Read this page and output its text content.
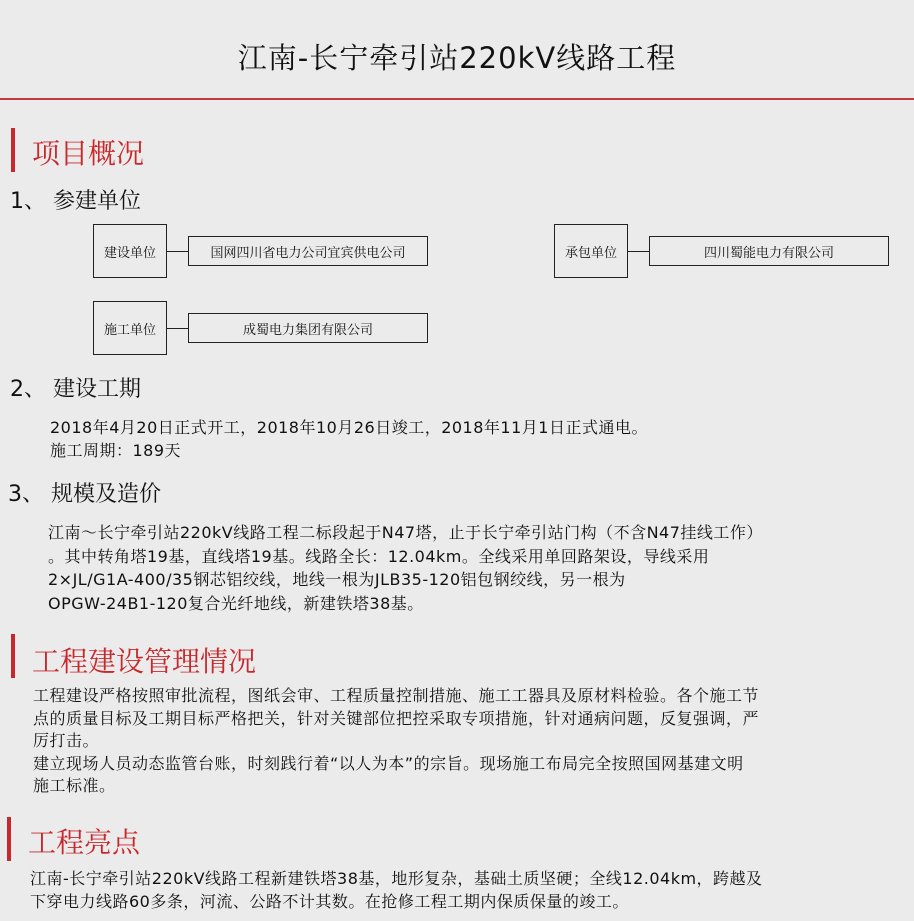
江南-长宁牵引站220kV线路工程
项目概况
1、 参建单位
建设单位	国网四川省电力公司宜宾供电公司	承包单位	四川蜀能电力有限公司
施工单位	成蜀电力集团有限公司
2、 建设工期
2018年4月20日正式开工，2018年10月26日竣工，2018年11月1日正式通电。
施工周期：189天
3、 规模及造价
江南～长宁牵引站220kV线路工程二标段起于N47塔，止于长宁牵引站门构（不含N47挂线工作）
。其中转角塔19基，直线塔19基。线路全长：12.04km。全线采用单回路架设，导线采用
2×JL/G1A-400/35钢芯铝绞线，地线一根为JLB35-120铝包钢绞线，另一根为
OPGW-24B1-120复合光纤地线，新建铁塔38基。
工程建设管理情况
工程建设严格按照审批流程，图纸会审、工程质量控制措施、施工工器具及原材料检验。各个施工节
点的质量目标及工期目标严格把关，针对关键部位把控采取专项措施，针对通病问题，反复强调，严
厉打击。
建立现场人员动态监管台账，时刻践行着“以人为本”的宗旨。现场施工布局完全按照国网基建文明
施工标准。
工程亮点
江南-长宁牵引站220kV线路工程新建铁塔38基，地形复杂，基础土质坚硬；全线12.04km，跨越及
下穿电力线路60多条，河流、公路不计其数。在抢修工程工期内保质保量的竣工。
